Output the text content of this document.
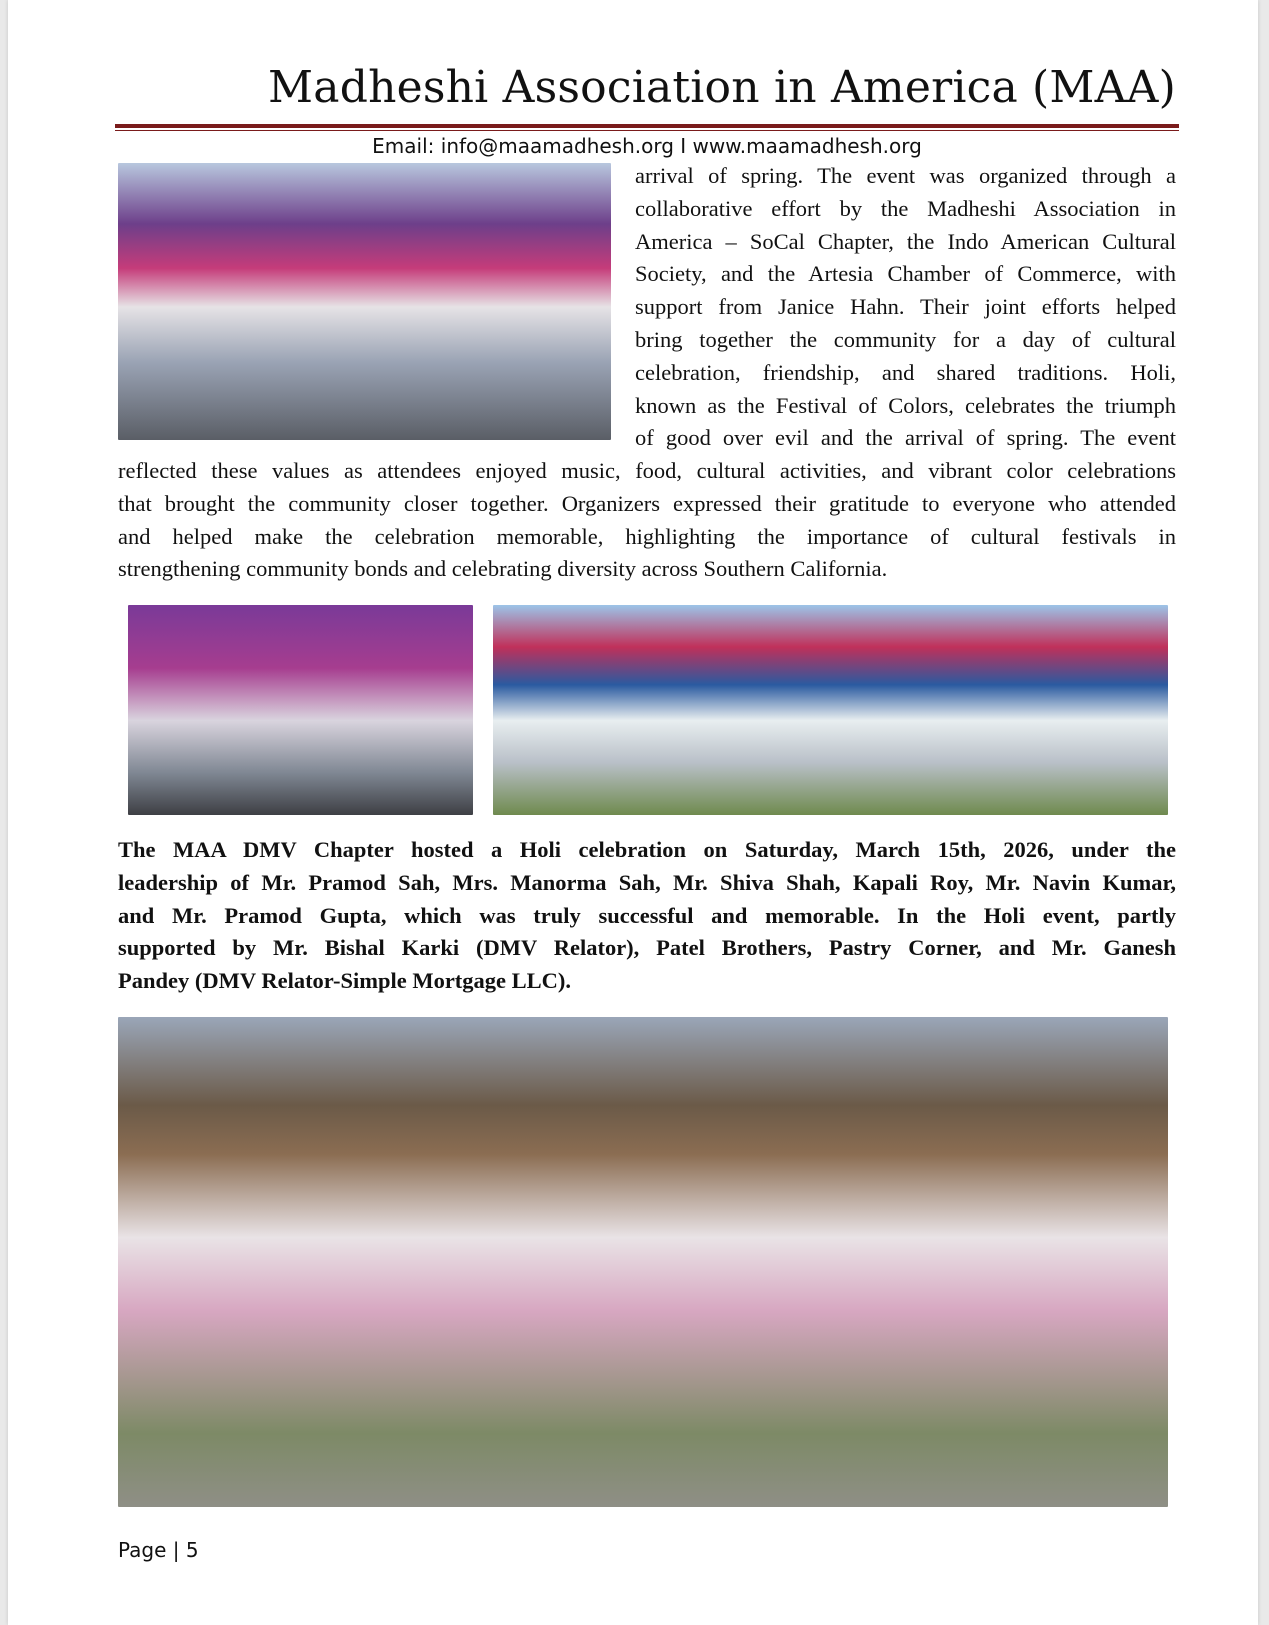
Madheshi Association in America (MAA)
Email: info@maamadhesh.org I www.maamadhesh.org
arrival of spring. The event was organized through a
collaborative effort by the Madheshi Association in
America – SoCal Chapter, the Indo American Cultural
Society, and the Artesia Chamber of Commerce, with
support from Janice Hahn. Their joint efforts helped
bring together the community for a day of cultural
celebration, friendship, and shared traditions. Holi,
known as the Festival of Colors, celebrates the triumph
of good over evil and the arrival of spring. The event
reflected these values as attendees enjoyed music, food, cultural activities, and vibrant color celebrations
that brought the community closer together. Organizers expressed their gratitude to everyone who attended
and helped make the celebration memorable, highlighting the importance of cultural festivals in
strengthening community bonds and celebrating diversity across Southern California.
The MAA DMV Chapter hosted a Holi celebration on Saturday, March 15th, 2026, under the
leadership of Mr. Pramod Sah, Mrs. Manorma Sah, Mr. Shiva Shah, Kapali Roy, Mr. Navin Kumar,
and Mr. Pramod Gupta, which was truly successful and memorable. In the Holi event, partly
supported by Mr. Bishal Karki (DMV Relator), Patel Brothers, Pastry Corner, and Mr. Ganesh
Pandey (DMV Relator-Simple Mortgage LLC).
Page | 5
